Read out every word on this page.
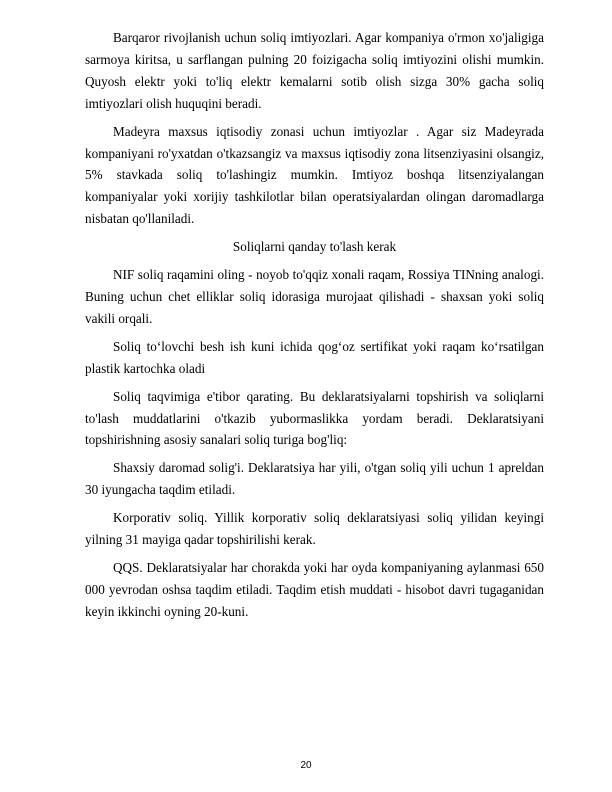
Barqaror rivojlanish uchun soliq imtiyozlari. Agar kompaniya o'rmon xo'jaligiga sarmoya kiritsa, u sarflangan pulning 20 foizigacha soliq imtiyozini olishi mumkin. Quyosh elektr yoki to'liq elektr kemalarni sotib olish sizga 30% gacha soliq imtiyozlari olish huquqini beradi.

Madeyra maxsus iqtisodiy zonasi uchun imtiyozlar . Agar siz Madeyrada kompaniyani ro'yxatdan o'tkazsangiz va maxsus iqtisodiy zona litsenziyasini olsangiz, 5% stavkada soliq to'lashingiz mumkin. Imtiyoz boshqa litsenziyalangan kompaniyalar yoki xorijiy tashkilotlar bilan operatsiyalardan olingan daromadlarga nisbatan qo'llaniladi.

Soliqlarni qanday to'lash kerak

NIF soliq raqamini oling - noyob to'qqiz xonali raqam, Rossiya TINning analogi. Buning uchun chet elliklar soliq idorasiga murojaat qilishadi - shaxsan yoki soliq vakili orqali.

Soliq to‘lovchi besh ish kuni ichida qog‘oz sertifikat yoki raqam ko‘rsatilgan plastik kartochka oladi

Soliq taqvimiga e'tibor qarating. Bu deklaratsiyalarni topshirish va soliqlarni to'lash muddatlarini o'tkazib yubormaslikka yordam beradi. Deklaratsiyani topshirishning asosiy sanalari soliq turiga bog'liq:

Shaxsiy daromad solig'i. Deklaratsiya har yili, o'tgan soliq yili uchun 1 apreldan 30 iyungacha taqdim etiladi.

Korporativ soliq. Yillik korporativ soliq deklaratsiyasi soliq yilidan keyingi yilning 31 mayiga qadar topshirilishi kerak.

QQS. Deklaratsiyalar har chorakda yoki har oyda kompaniyaning aylanmasi 650 000 yevrodan oshsa taqdim etiladi. Taqdim etish muddati - hisobot davri tugaganidan keyin ikkinchi oyning 20-kuni.

20
